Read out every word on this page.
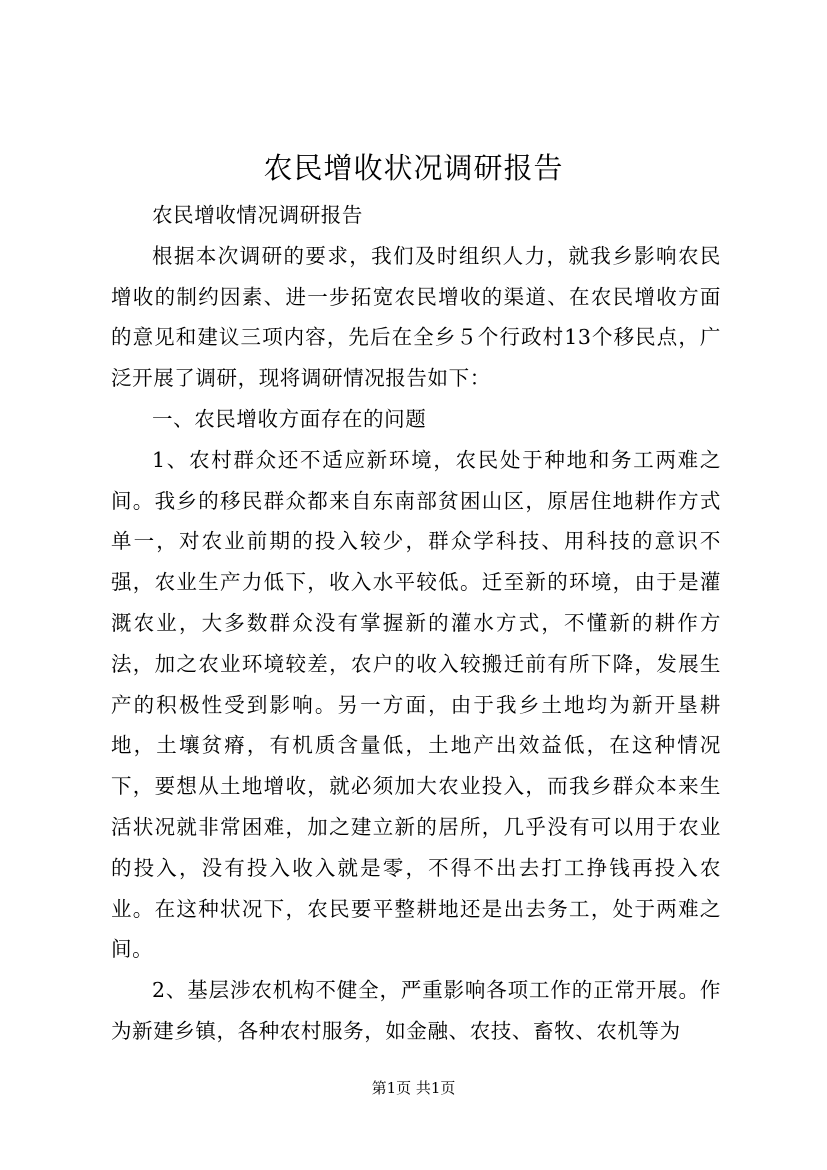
农民增收状况调研报告

农民增收情况调研报告

根据本次调研的要求，我们及时组织人力，就我乡影响农民增收的制约因素、进一步拓宽农民增收的渠道、在农民增收方面的意见和建议三项内容，先后在全乡５个行政村13个移民点，广泛开展了调研，现将调研情况报告如下：

一、农民增收方面存在的问题

1、农村群众还不适应新环境，农民处于种地和务工两难之间。我乡的移民群众都来自东南部贫困山区，原居住地耕作方式单一，对农业前期的投入较少，群众学科技、用科技的意识不强，农业生产力低下，收入水平较低。迁至新的环境，由于是灌溉农业，大多数群众没有掌握新的灌水方式，不懂新的耕作方法，加之农业环境较差，农户的收入较搬迁前有所下降，发展生产的积极性受到影响。另一方面，由于我乡土地均为新开垦耕地，土壤贫瘠，有机质含量低，土地产出效益低，在这种情况下，要想从土地增收，就必须加大农业投入，而我乡群众本来生活状况就非常困难，加之建立新的居所，几乎没有可以用于农业的投入，没有投入收入就是零，不得不出去打工挣钱再投入农业。在这种状况下，农民要平整耕地还是出去务工，处于两难之间。

2、基层涉农机构不健全，严重影响各项工作的正常开展。作为新建乡镇，各种农村服务，如金融、农技、畜牧、农机等为

第1页 共1页
